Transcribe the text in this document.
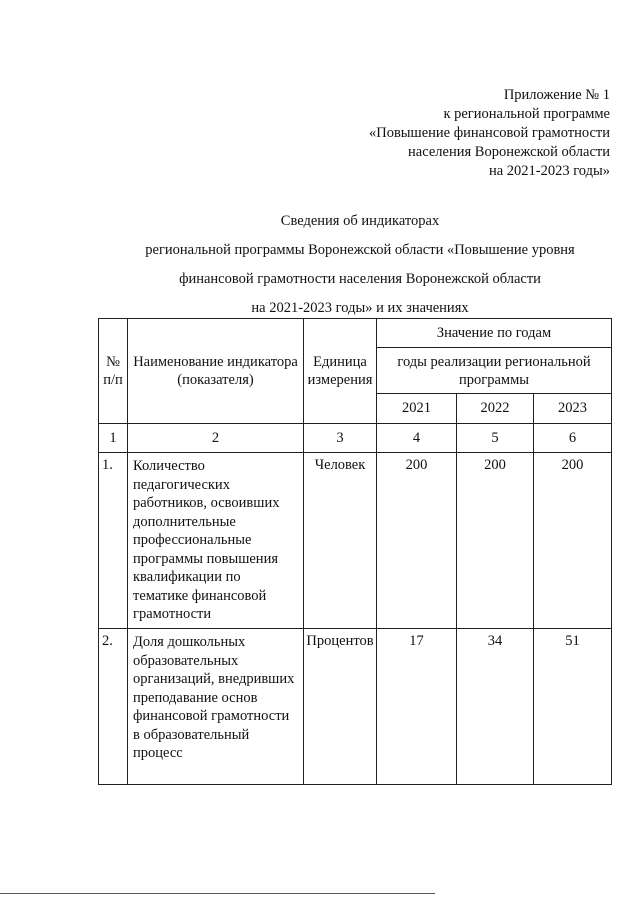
Приложение № 1
к региональной программе
«Повышение финансовой грамотности
населения Воронежской области
на 2021-2023 годы»
Сведения об индикаторах
региональной программы Воронежской области «Повышение уровня
финансовой грамотности населения Воронежской области
на 2021-2023 годы» и их значениях
№ п/п	Наименование индикатора (показателя)	Единица измерения	Значение по годам		
			годы реализации региональной программы		
			2021	2022	2023
1	2	3	4	5	6
1.	Количество педагогических работников, освоивших дополнительные профессиональные программы повышения квалификации по тематике финансовой грамотности	Человек	200	200	200
2.	Доля дошкольных образовательных организаций, внедривших преподавание основ финансовой грамотности в образовательный процесс	Процентов	17	34	51
